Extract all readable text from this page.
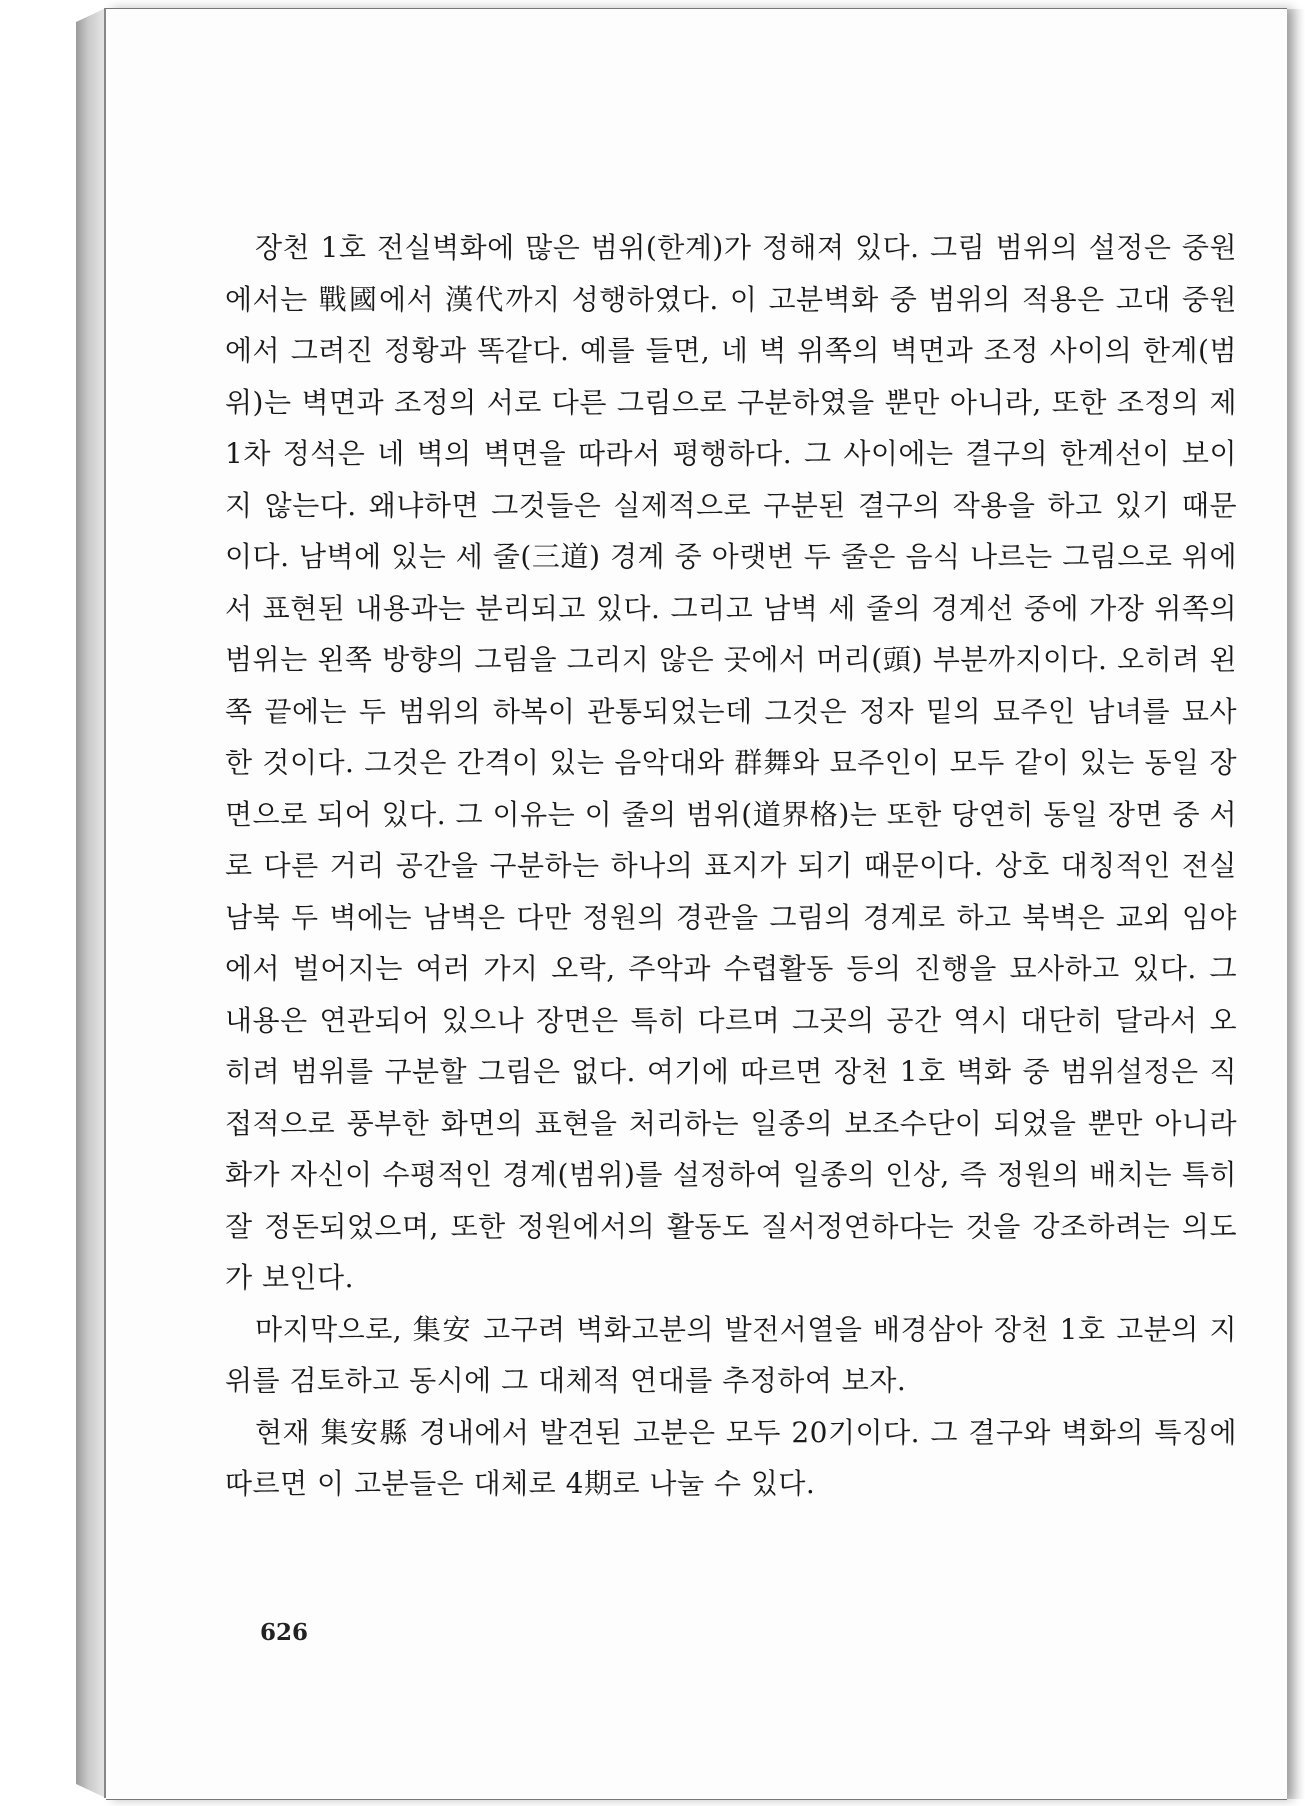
장천 1호 전실벽화에 많은 범위(한계)가 정해져 있다. 그림 범위의 설정은 중원에서는 戰國에서 漢代까지 성행하였다. 이 고분벽화 중 범위의 적용은 고대 중원에서 그려진 정황과 똑같다. 예를 들면, 네 벽 위쪽의 벽면과 조정 사이의 한계(범위)는 벽면과 조정의 서로 다른 그림으로 구분하였을 뿐만 아니라, 또한 조정의 제1차 정석은 네 벽의 벽면을 따라서 평행하다. 그 사이에는 결구의 한계선이 보이지 않는다. 왜냐하면 그것들은 실제적으로 구분된 결구의 작용을 하고 있기 때문이다. 남벽에 있는 세 줄(三道) 경계 중 아랫변 두 줄은 음식 나르는 그림으로 위에서 표현된 내용과는 분리되고 있다. 그리고 남벽 세 줄의 경계선 중에 가장 위쪽의 범위는 왼쪽 방향의 그림을 그리지 않은 곳에서 머리(頭) 부분까지이다. 오히려 왼쪽 끝에는 두 범위의 하복이 관통되었는데 그것은 정자 밑의 묘주인 남녀를 묘사한 것이다. 그것은 간격이 있는 음악대와 群舞와 묘주인이 모두 같이 있는 동일 장면으로 되어 있다. 그 이유는 이 줄의 범위(道界格)는 또한 당연히 동일 장면 중 서로 다른 거리 공간을 구분하는 하나의 표지가 되기 때문이다. 상호 대칭적인 전실 남북 두 벽에는 남벽은 다만 정원의 경관을 그림의 경계로 하고 북벽은 교외 임야에서 벌어지는 여러 가지 오락, 주악과 수렵활동 등의 진행을 묘사하고 있다. 그 내용은 연관되어 있으나 장면은 특히 다르며 그곳의 공간 역시 대단히 달라서 오히려 범위를 구분할 그림은 없다. 여기에 따르면 장천 1호 벽화 중 범위설정은 직접적으로 풍부한 화면의 표현을 처리하는 일종의 보조수단이 되었을 뿐만 아니라 화가 자신이 수평적인 경계(범위)를 설정하여 일종의 인상, 즉 정원의 배치는 특히 잘 정돈되었으며, 또한 정원에서의 활동도 질서정연하다는 것을 강조하려는 의도가 보인다.

마지막으로, 集安 고구려 벽화고분의 발전서열을 배경삼아 장천 1호 고분의 지위를 검토하고 동시에 그 대체적 연대를 추정하여 보자.

현재 集安縣 경내에서 발견된 고분은 모두 20기이다. 그 결구와 벽화의 특징에 따르면 이 고분들은 대체로 4期로 나눌 수 있다.

626
